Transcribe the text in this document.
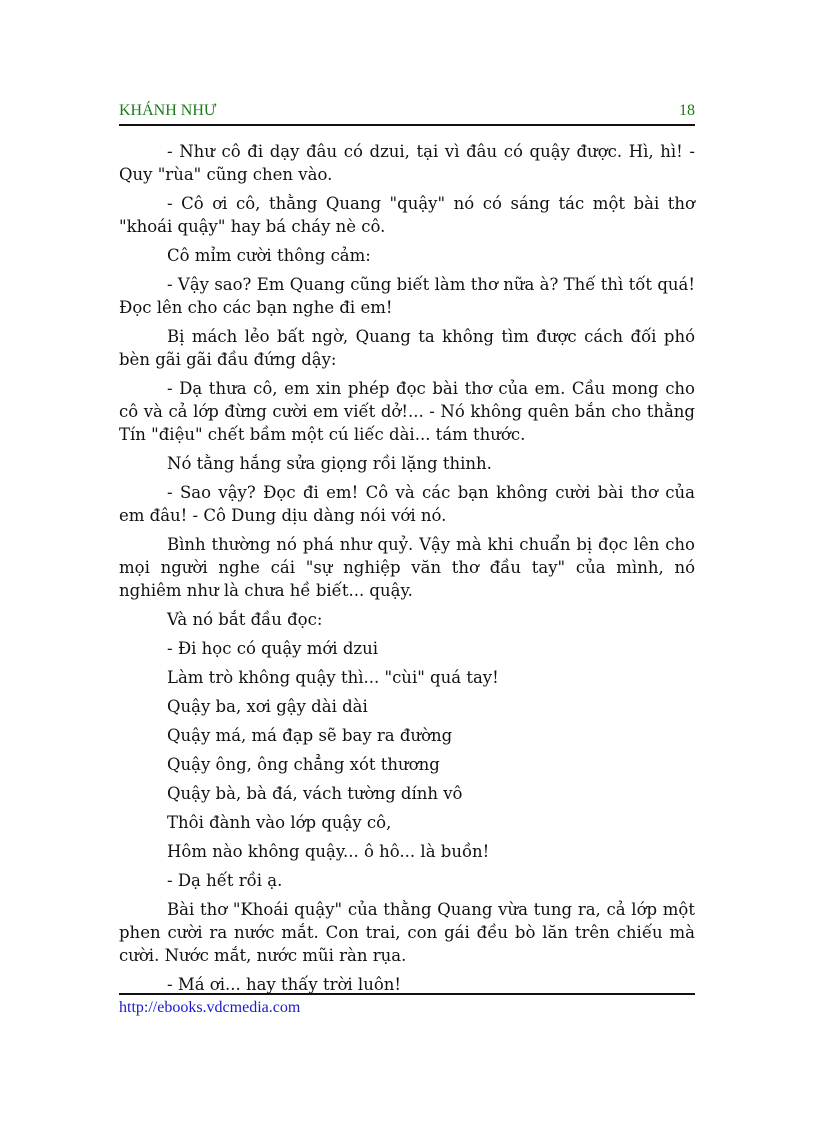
KHÁNH NHƯ	18

- Như cô đi dạy đâu có dzui, tại vì đâu có quậy được. Hì, hì! - Quy "rùa" cũng chen vào.

- Cô ơi cô, thằng Quang "quậy" nó có sáng tác một bài thơ "khoái quậy" hay bá cháy nè cô.

Cô mỉm cười thông cảm:

- Vậy sao? Em Quang cũng biết làm thơ nữa à? Thế thì tốt quá! Đọc lên cho các bạn nghe đi em!

Bị mách lẻo bất ngờ, Quang ta không tìm được cách đối phó bèn gãi gãi đầu đứng dậy:

- Dạ thưa cô, em xin phép đọc bài thơ của em. Cầu mong cho cô và cả lớp đừng cười em viết dở!... - Nó không quên bắn cho thằng Tín "điệu" chết bầm một cú liếc dài... tám thước.

Nó tằng hắng sửa giọng rồi lặng thinh.

- Sao vậy? Đọc đi em! Cô và các bạn không cười bài thơ của em đâu! - Cô Dung dịu dàng nói với nó.

Bình thường nó phá như quỷ. Vậy mà khi chuẩn bị đọc lên cho mọi người nghe cái "sự nghiệp văn thơ đầu tay" của mình, nó nghiêm như là chưa hề biết... quậy.

Và nó bắt đầu đọc:

- Đi học có quậy mới dzui

Làm trò không quậy thì... "cùi" quá tay!

Quậy ba, xơi gậy dài dài

Quậy má, má đạp sẽ bay ra đường

Quậy ông, ông chẳng xót thương

Quậy bà, bà đá, vách tường dính vô

Thôi đành vào lớp quậy cô,

Hôm nào không quậy... ô hô... là buồn!

- Dạ hết rồi ạ.

Bài thơ "Khoái quậy" của thằng Quang vừa tung ra, cả lớp một phen cười ra nước mắt. Con trai, con gái đều bò lăn trên chiếu mà cười. Nước mắt, nước mũi ràn rụa.

- Má ơi... hay thấy trời luôn!

http://ebooks.vdcmedia.com
